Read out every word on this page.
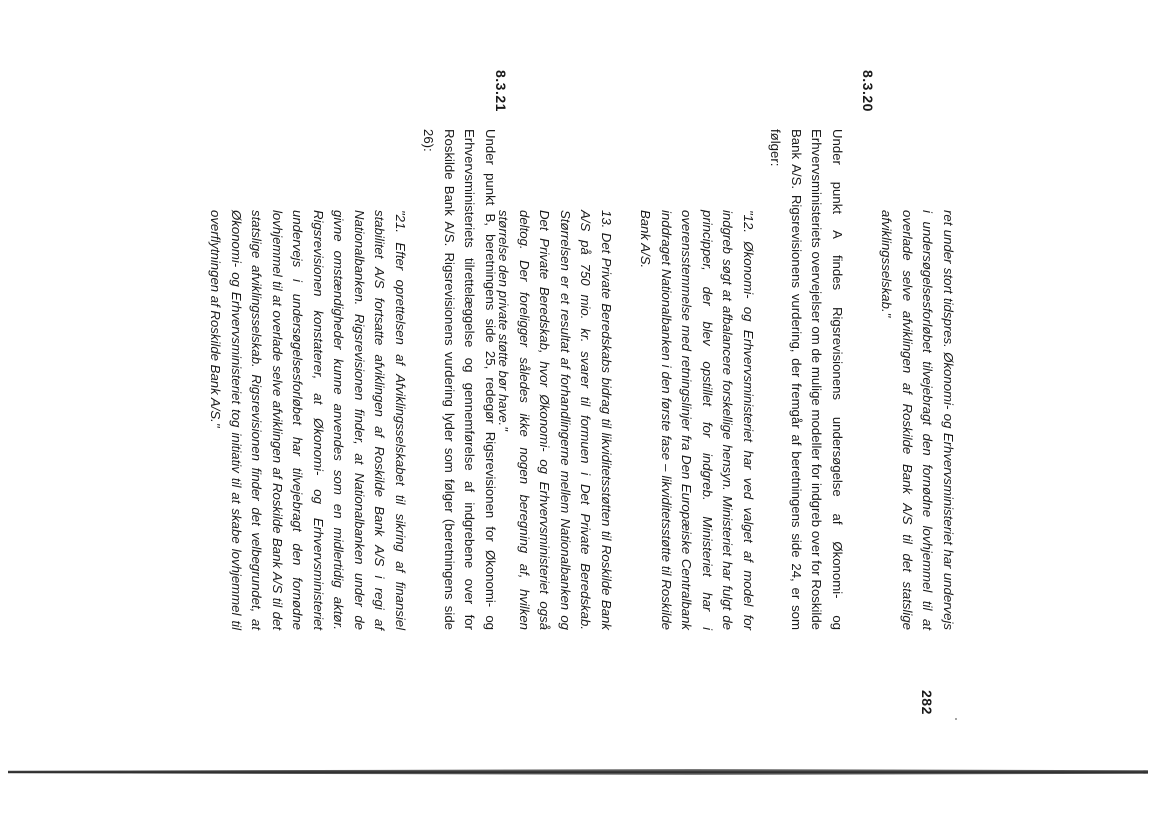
282

ret under stort tidspres. Økonomi- og Erhvervsministeriet har undervejs i undersøgelsesforløbet tilvejebragt den fornødne lovhjemmel til at overlade selve afviklingen af Roskilde Bank A/S til det statslige afviklingsselskab."

8.3.20

Under punkt A findes Rigsrevisionens undersøgelse af Økonomi- og Erhvervsministeriets overvejelser om de mulige modeller for indgreb over for Roskilde Bank A/S. Rigsrevisionens vurdering, der fremgår af beretningens side 24, er som følger:

"12. Økonomi- og Erhvervsministeriet har ved valget af model for indgreb søgt at afbalancere forskellige hensyn. Ministeriet har fulgt de principper, der blev opstillet for indgreb. Ministeriet har i overensstemmelse med retningslinjer fra Den Europæiske Centralbank inddraget Nationalbanken i den første fase – likviditetsstøtte til Roskilde Bank A/S.

13. Det Private Beredskabs bidrag til likviditetsstøtten til Roskilde Bank A/S på 750 mio. kr. svarer til formuen i Det Private Beredskab. Størrelsen er et resultat af forhandlingerne mellem Nationalbanken og Det Private Beredskab, hvor Økonomi- og Erhvervsministeriet også deltog. Der foreligger således ikke nogen beregning af, hvilken størrelse den private støtte bør have."

8.3.21

Under punkt B, beretningens side 25, redegør Rigsrevisionen for Økonomi- og Erhvervsministeriets tilrettelæggelse og gennemførelse af indgrebene over for Roskilde Bank A/S. Rigsrevisionens vurdering lyder som følger (beretningens side 26):

"21. Efter oprettelsen af Afviklingsselskabet til sikring af finansiel stabilitet A/S fortsatte afviklingen af Roskilde Bank A/S i regi af Nationalbanken. Rigsrevisionen finder, at Nationalbanken under de givne omstændigheder kunne anvendes som en midlertidig aktør. Rigsrevisionen konstaterer, at Økonomi- og Erhvervsministeriet undervejs i undersøgelsesforløbet har tilvejebragt den fornødne lovhjemmel til at overlade selve afviklingen af Roskilde Bank A/S til det statslige afviklingsselskab. Rigsrevisionen finder det velbegrundet, at Økonomi- og Erhvervsministeriet tog initiativ til at skabe lovhjemmel til overflytningen af Roskilde Bank A/S."
